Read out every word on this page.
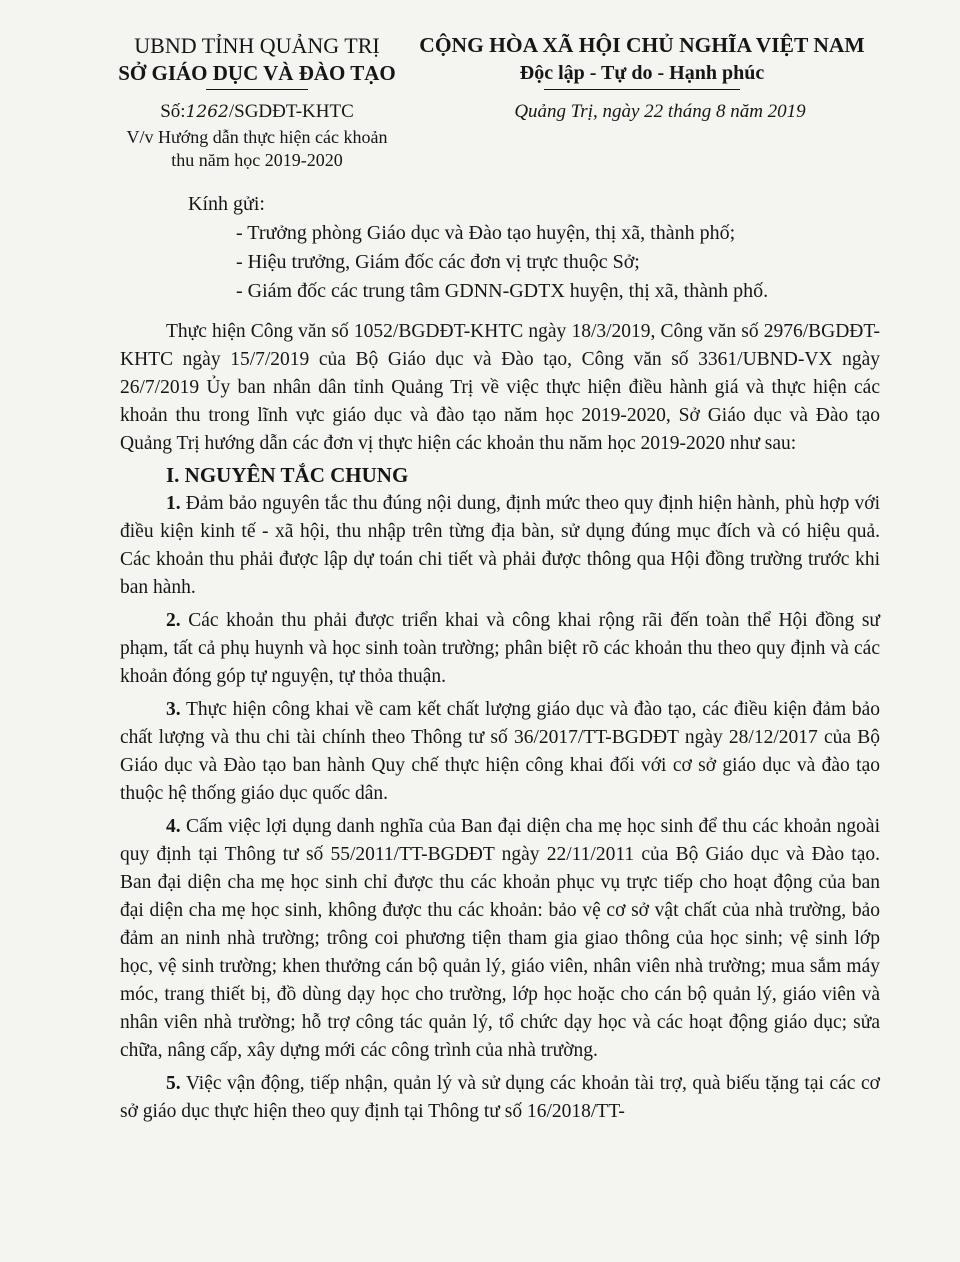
UBND TỈNH QUẢNG TRỊ
SỞ GIÁO DỤC VÀ ĐÀO TẠO
CỘNG HÒA XÃ HỘI CHỦ NGHĨA VIỆT NAM
Độc lập - Tự do - Hạnh phúc
Số:1262/SGDĐT-KHTC
V/v Hướng dẫn thực hiện các khoản
thu năm học 2019-2020
Quảng Trị, ngày 22 tháng 8 năm 2019
Kính gửi:
- Trưởng phòng Giáo dục và Đào tạo huyện, thị xã, thành phố;
- Hiệu trưởng, Giám đốc các đơn vị trực thuộc Sở;
- Giám đốc các trung tâm GDNN-GDTX huyện, thị xã, thành phố.

Thực hiện Công văn số 1052/BGDĐT-KHTC ngày 18/3/2019, Công văn số 2976/BGDĐT-KHTC ngày 15/7/2019 của Bộ Giáo dục và Đào tạo, Công văn số 3361/UBND-VX ngày 26/7/2019 Ủy ban nhân dân tỉnh Quảng Trị về việc thực hiện điều hành giá và thực hiện các khoản thu trong lĩnh vực giáo dục và đào tạo năm học 2019-2020, Sở Giáo dục và Đào tạo Quảng Trị hướng dẫn các đơn vị thực hiện các khoản thu năm học 2019-2020 như sau:

I. NGUYÊN TẮC CHUNG

1. Đảm bảo nguyên tắc thu đúng nội dung, định mức theo quy định hiện hành, phù hợp với điều kiện kinh tế - xã hội, thu nhập trên từng địa bàn, sử dụng đúng mục đích và có hiệu quả. Các khoản thu phải được lập dự toán chi tiết và phải được thông qua Hội đồng trường trước khi ban hành.

2. Các khoản thu phải được triển khai và công khai rộng rãi đến toàn thể Hội đồng sư phạm, tất cả phụ huynh và học sinh toàn trường; phân biệt rõ các khoản thu theo quy định và các khoản đóng góp tự nguyện, tự thỏa thuận.

3. Thực hiện công khai về cam kết chất lượng giáo dục và đào tạo, các điều kiện đảm bảo chất lượng và thu chi tài chính theo Thông tư số 36/2017/TT-BGDĐT ngày 28/12/2017 của Bộ Giáo dục và Đào tạo ban hành Quy chế thực hiện công khai đối với cơ sở giáo dục và đào tạo thuộc hệ thống giáo dục quốc dân.

4. Cấm việc lợi dụng danh nghĩa của Ban đại diện cha mẹ học sinh để thu các khoản ngoài quy định tại Thông tư số 55/2011/TT-BGDĐT ngày 22/11/2011 của Bộ Giáo dục và Đào tạo. Ban đại diện cha mẹ học sinh chỉ được thu các khoản phục vụ trực tiếp cho hoạt động của ban đại diện cha mẹ học sinh, không được thu các khoản: bảo vệ cơ sở vật chất của nhà trường, bảo đảm an ninh nhà trường; trông coi phương tiện tham gia giao thông của học sinh; vệ sinh lớp học, vệ sinh trường; khen thưởng cán bộ quản lý, giáo viên, nhân viên nhà trường; mua sắm máy móc, trang thiết bị, đồ dùng dạy học cho trường, lớp học hoặc cho cán bộ quản lý, giáo viên và nhân viên nhà trường; hỗ trợ công tác quản lý, tổ chức dạy học và các hoạt động giáo dục; sửa chữa, nâng cấp, xây dựng mới các công trình của nhà trường.

5. Việc vận động, tiếp nhận, quản lý và sử dụng các khoản tài trợ, quà biếu tặng tại các cơ sở giáo dục thực hiện theo quy định tại Thông tư số 16/2018/TT-
